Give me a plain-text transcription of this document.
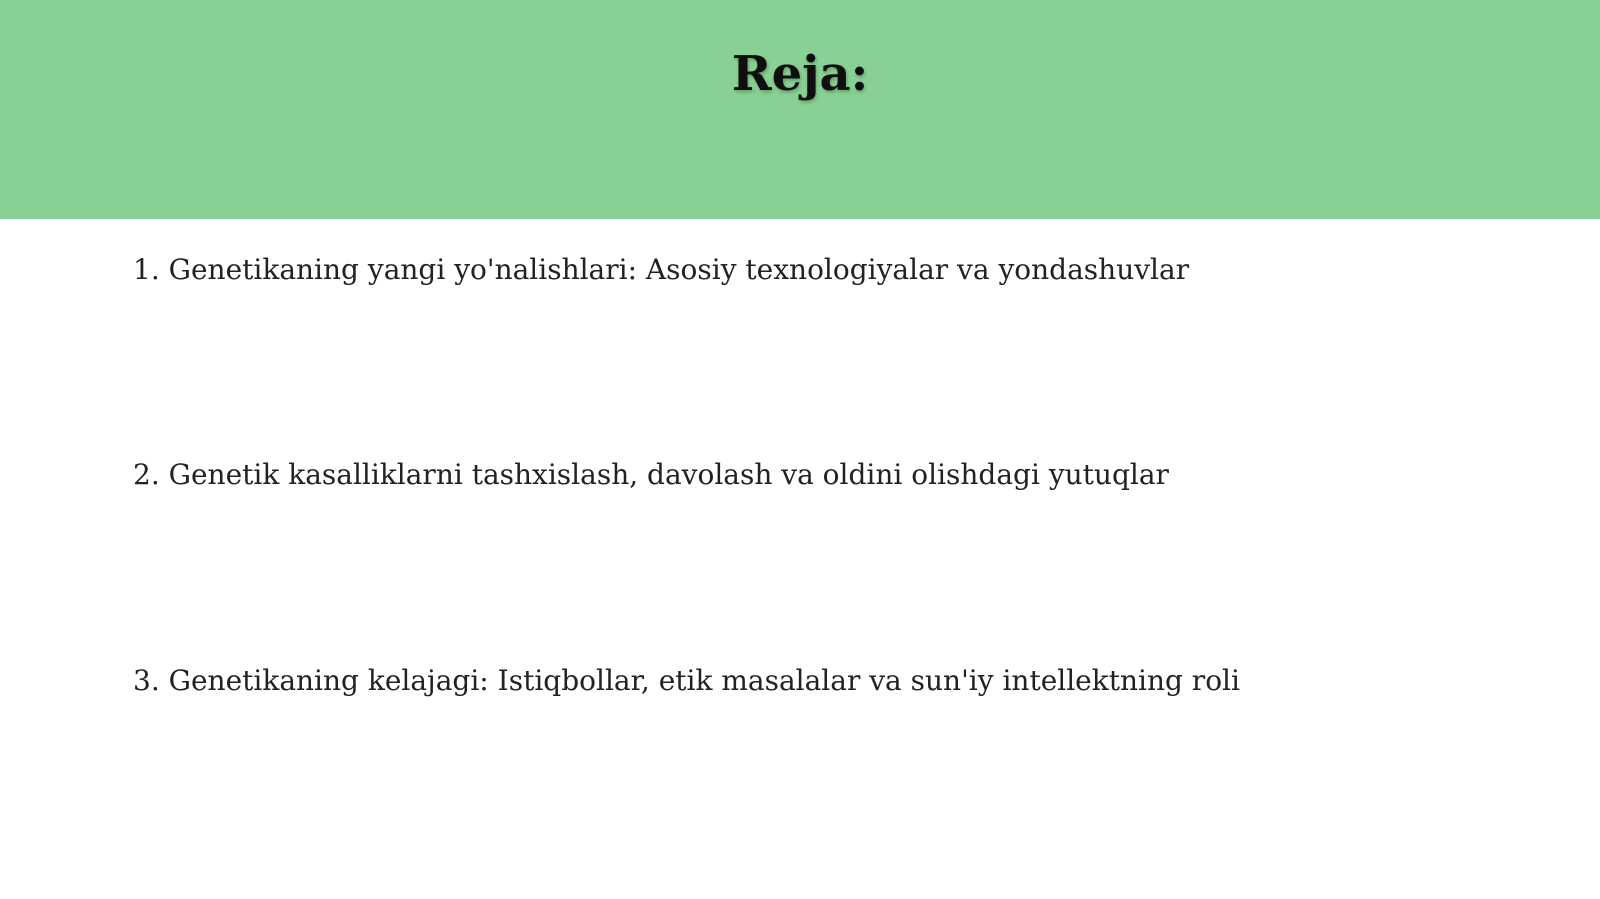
Reja:

1. Genetikaning yangi yo'nalishlari: Asosiy texnologiyalar va yondashuvlar

2. Genetik kasalliklarni tashxislash, davolash va oldini olishdagi yutuqlar

3. Genetikaning kelajagi: Istiqbollar, etik masalalar va sun'iy intellektning roli
